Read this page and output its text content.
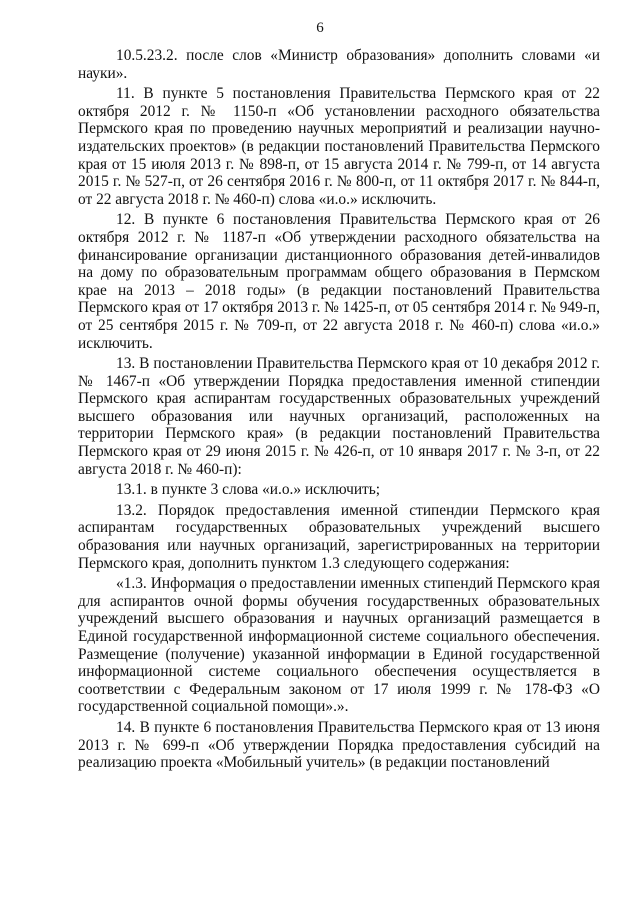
6

10.5.23.2. после слов «Министр образования» дополнить словами «и науки».

11. В пункте 5 постановления Правительства Пермского края от 22 октября 2012 г. № 1150-п «Об установлении расходного обязательства Пермского края по проведению научных мероприятий и реализации научно-издательских проектов» (в редакции постановлений Правительства Пермского края от 15 июля 2013 г. № 898-п, от 15 августа 2014 г. № 799-п, от 14 августа 2015 г. № 527-п, от 26 сентября 2016 г. № 800-п, от 11 октября 2017 г. № 844-п, от 22 августа 2018 г. № 460-п) слова «и.о.» исключить.

12. В пункте 6 постановления Правительства Пермского края от 26 октября 2012 г. № 1187-п «Об утверждении расходного обязательства на финансирование организации дистанционного образования детей-инвалидов на дому по образовательным программам общего образования в Пермском крае на 2013 – 2018 годы» (в редакции постановлений Правительства Пермского края от 17 октября 2013 г. № 1425-п, от 05 сентября 2014 г. № 949-п, от 25 сентября 2015 г. № 709-п, от 22 августа 2018 г. № 460-п) слова «и.о.» исключить.

13. В постановлении Правительства Пермского края от 10 декабря 2012 г. № 1467-п «Об утверждении Порядка предоставления именной стипендии Пермского края аспирантам государственных образовательных учреждений высшего образования или научных организаций, расположенных на территории Пермского края» (в редакции постановлений Правительства Пермского края от 29 июня 2015 г. № 426-п, от 10 января 2017 г. № 3-п, от 22 августа 2018 г. № 460-п):

13.1. в пункте 3 слова «и.о.» исключить;

13.2. Порядок предоставления именной стипендии Пермского края аспирантам государственных образовательных учреждений высшего образования или научных организаций, зарегистрированных на территории Пермского края, дополнить пунктом 1.3 следующего содержания:

«1.3. Информация о предоставлении именных стипендий Пермского края для аспирантов очной формы обучения государственных образовательных учреждений высшего образования и научных организаций размещается в Единой государственной информационной системе социального обеспечения. Размещение (получение) указанной информации в Единой государственной информационной системе социального обеспечения осуществляется в соответствии с Федеральным законом от 17 июля 1999 г. № 178-ФЗ «О государственной социальной помощи».».

14. В пункте 6 постановления Правительства Пермского края от 13 июня 2013 г. № 699-п «Об утверждении Порядка предоставления субсидий на реализацию проекта «Мобильный учитель» (в редакции постановлений
